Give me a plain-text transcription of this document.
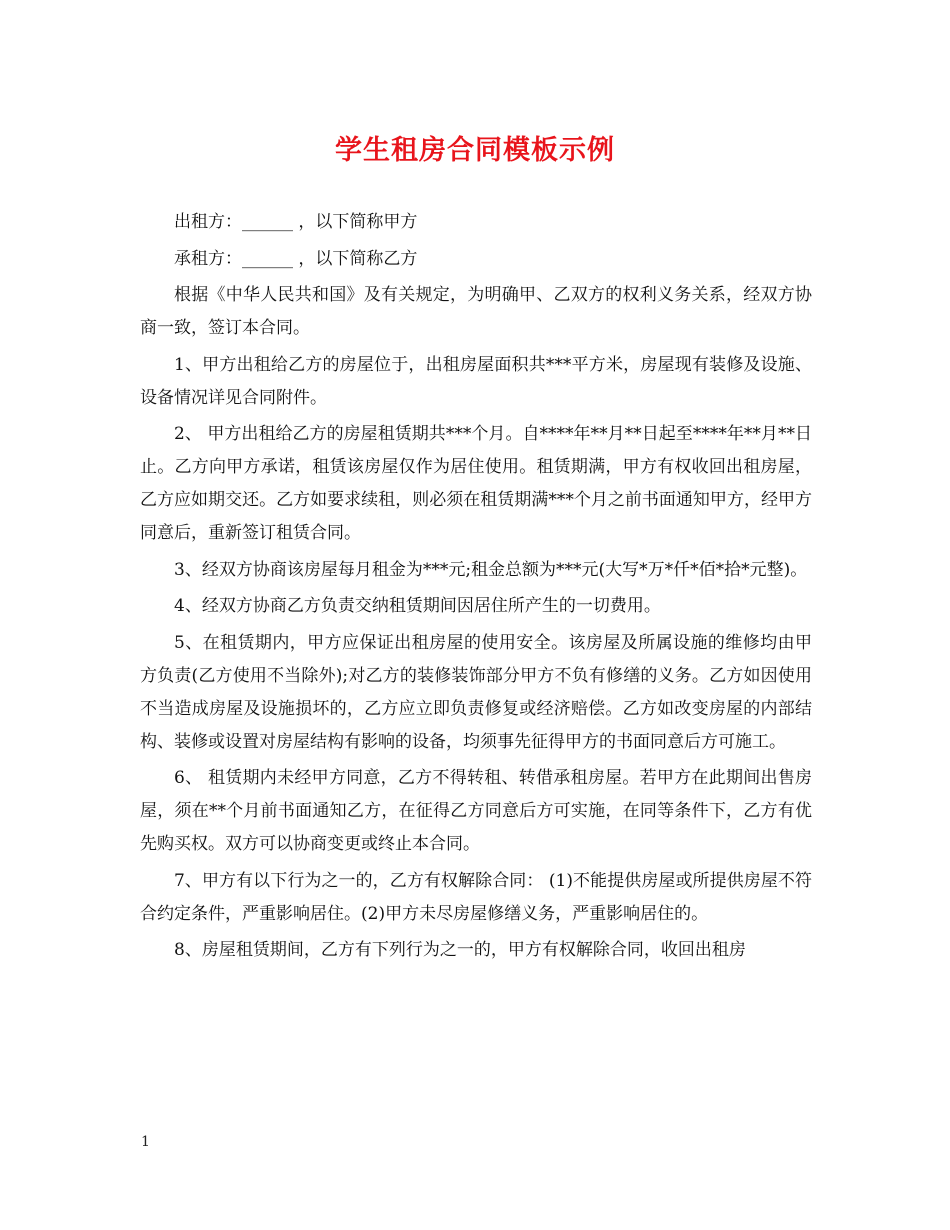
学生租房合同模板示例

出租方：______ ，以下简称甲方

承租方：______ ，以下简称乙方

根据《中华人民共和国》及有关规定，为明确甲、乙双方的权利义务关系，经双方协商一致，签订本合同。

1、甲方出租给乙方的房屋位于，出租房屋面积共***平方米，房屋现有装修及设施、设备情况详见合同附件。

2、 甲方出租给乙方的房屋租赁期共***个月。自****年**月**日起至****年**月**日止。乙方向甲方承诺，租赁该房屋仅作为居住使用。租赁期满，甲方有权收回出租房屋，乙方应如期交还。乙方如要求续租，则必须在租赁期满***个月之前书面通知甲方，经甲方同意后，重新签订租赁合同。

3、经双方协商该房屋每月租金为***元;租金总额为***元(大写*万*仟*佰*拾*元整)。

4、经双方协商乙方负责交纳租赁期间因居住所产生的一切费用。

5、在租赁期内，甲方应保证出租房屋的使用安全。该房屋及所属设施的维修均由甲方负责(乙方使用不当除外);对乙方的装修装饰部分甲方不负有修缮的义务。乙方如因使用不当造成房屋及设施损坏的，乙方应立即负责修复或经济赔偿。乙方如改变房屋的内部结构、装修或设置对房屋结构有影响的设备，均须事先征得甲方的书面同意后方可施工。

6、 租赁期内未经甲方同意，乙方不得转租、转借承租房屋。若甲方在此期间出售房屋，须在**个月前书面通知乙方，在征得乙方同意后方可实施，在同等条件下，乙方有优先购买权。双方可以协商变更或终止本合同。

7、甲方有以下行为之一的，乙方有权解除合同： (1)不能提供房屋或所提供房屋不符合约定条件，严重影响居住。(2)甲方未尽房屋修缮义务，严重影响居住的。

8、房屋租赁期间，乙方有下列行为之一的，甲方有权解除合同，收回出租房

1
